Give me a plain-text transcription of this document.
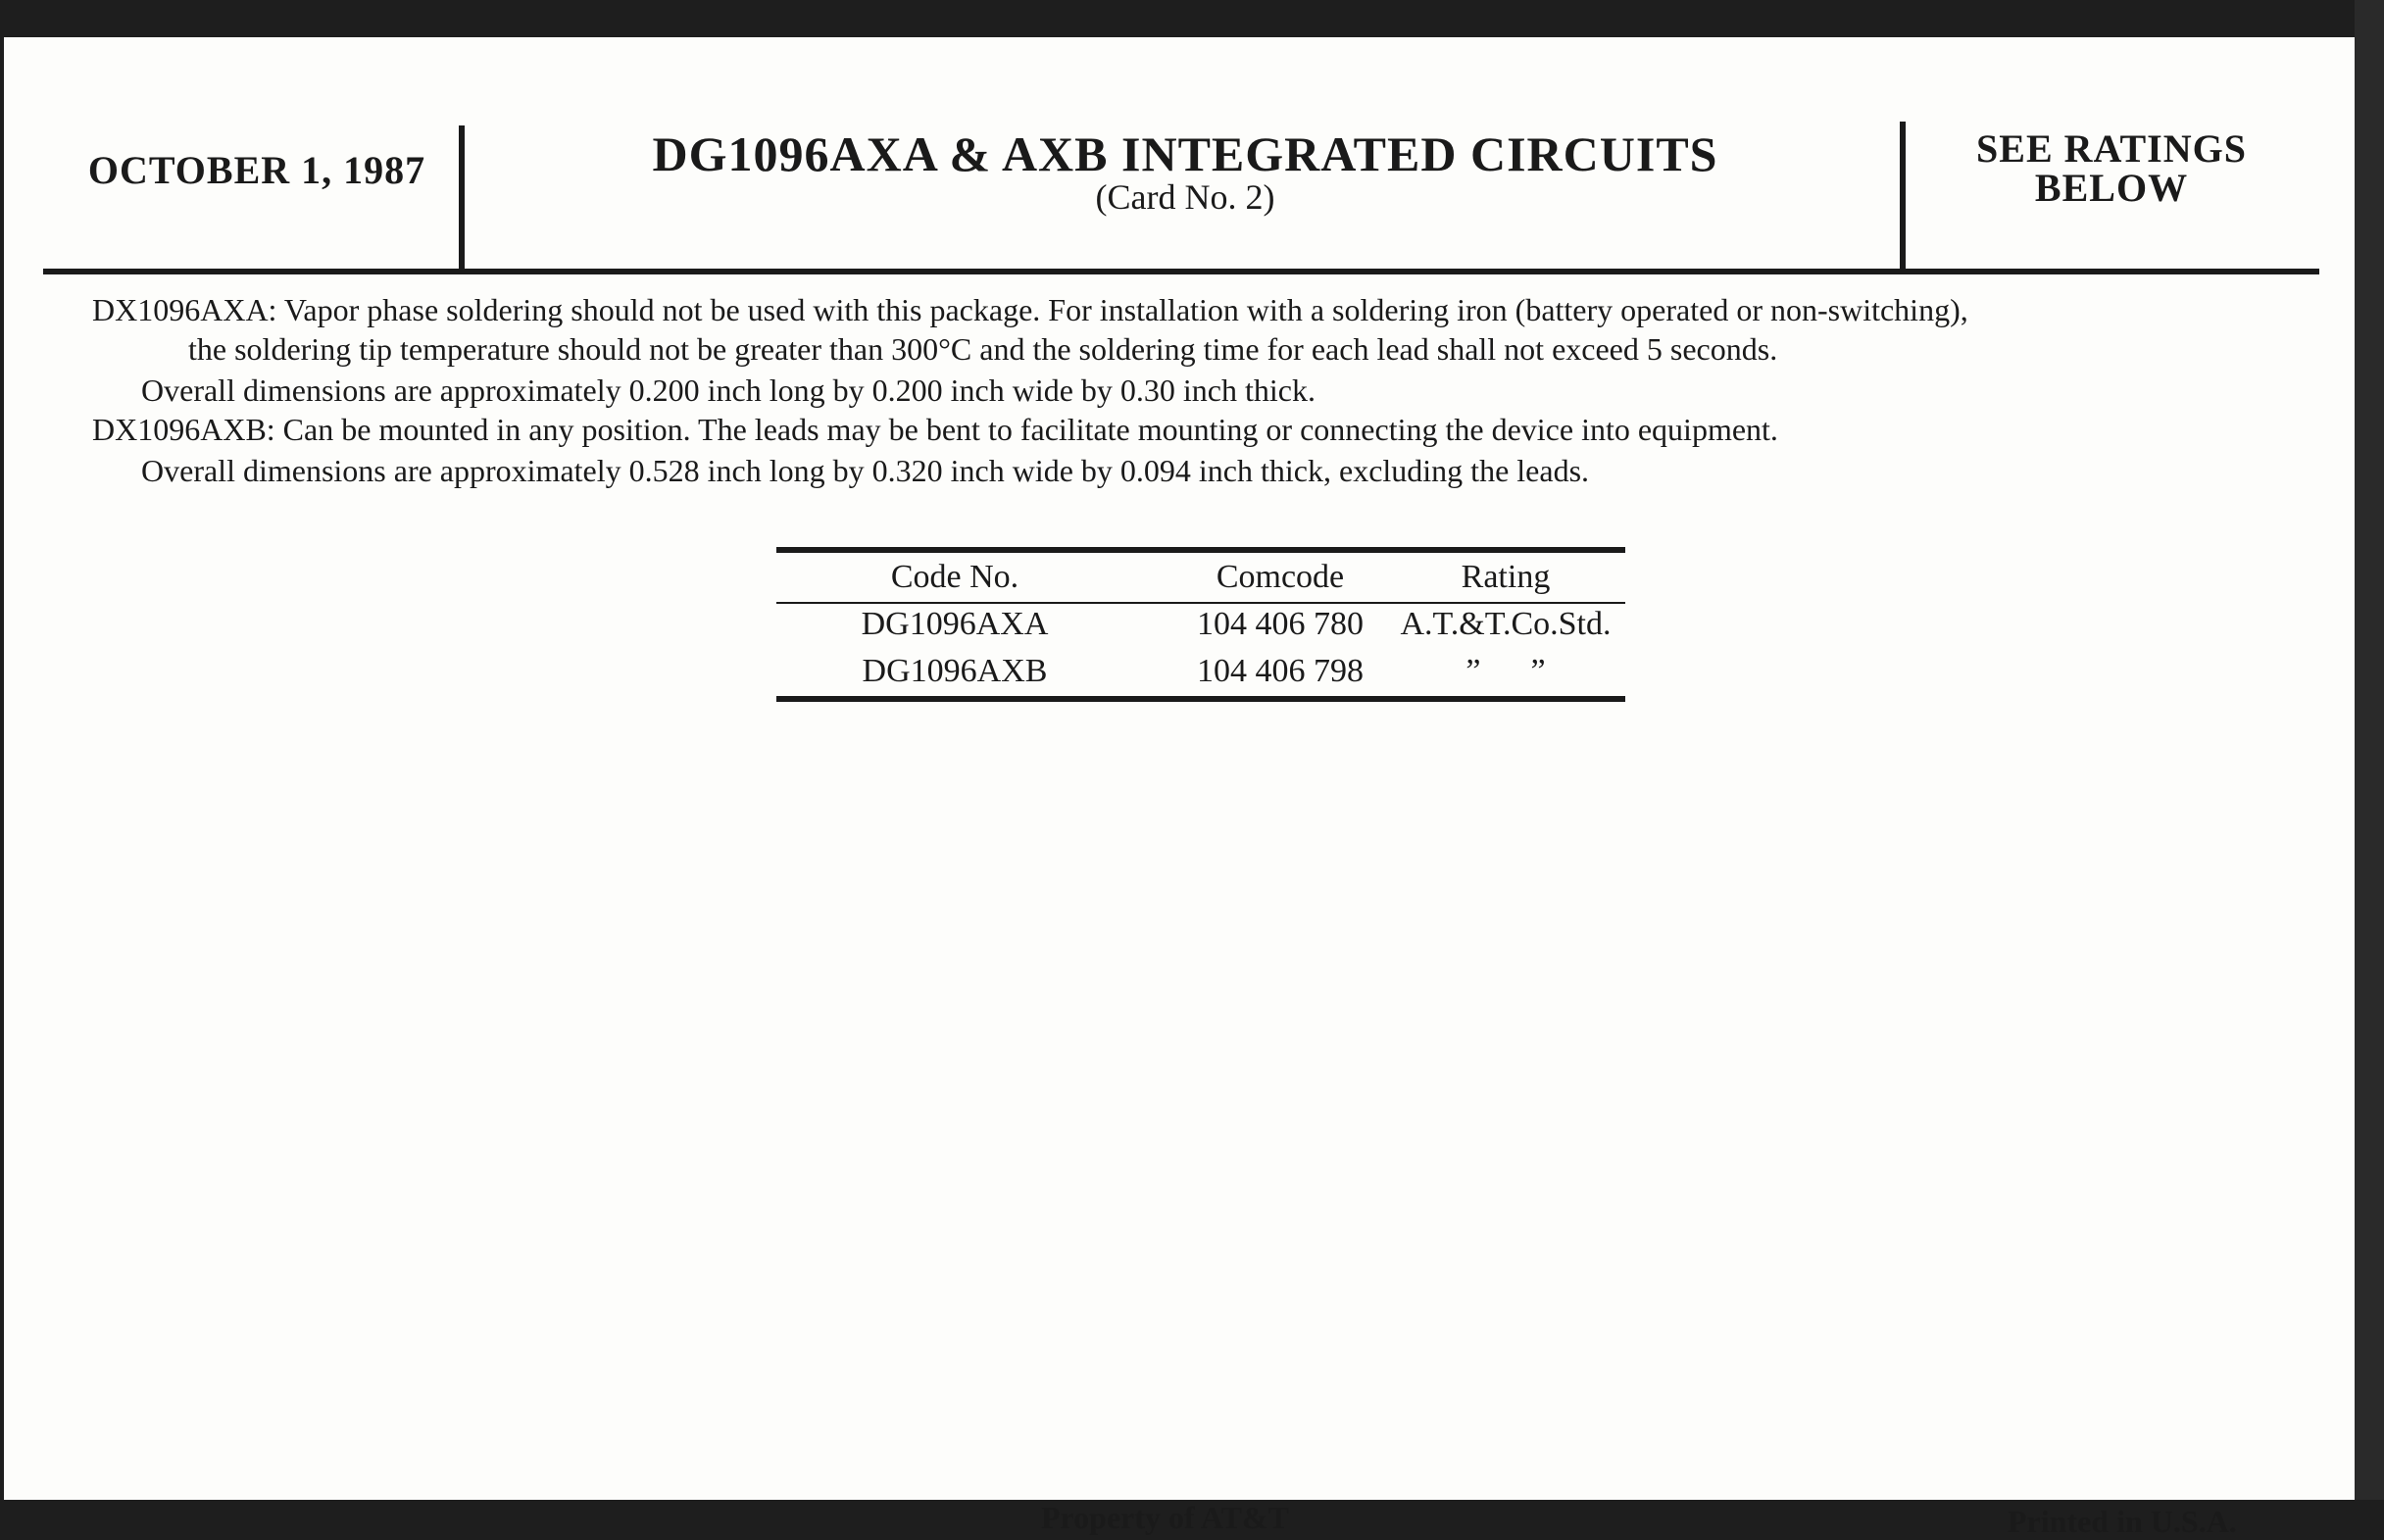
OCTOBER 1, 1987	DG1096AXA & AXB INTEGRATED CIRCUITS
(Card No. 2)
SEE RATINGS
BELOW
DX1096AXA: Vapor phase soldering should not be used with this package. For installation with a soldering iron (battery operated or non-switching),
the soldering tip temperature should not be greater than 300°C and the soldering time for each lead shall not exceed 5 seconds.
Overall dimensions are approximately 0.200 inch long by 0.200 inch wide by 0.30 inch thick.
DX1096AXB: Can be mounted in any position. The leads may be bent to facilitate mounting or connecting the device into equipment.
Overall dimensions are approximately 0.528 inch long by 0.320 inch wide by 0.094 inch thick, excluding the leads.
Code No.	Comcode	Rating
DG1096AXA	104 406 780	A.T.&T.Co.Std.
DG1096AXB	104 406 798	”      ”
Property of AT&T	Printed in U.S.A.
